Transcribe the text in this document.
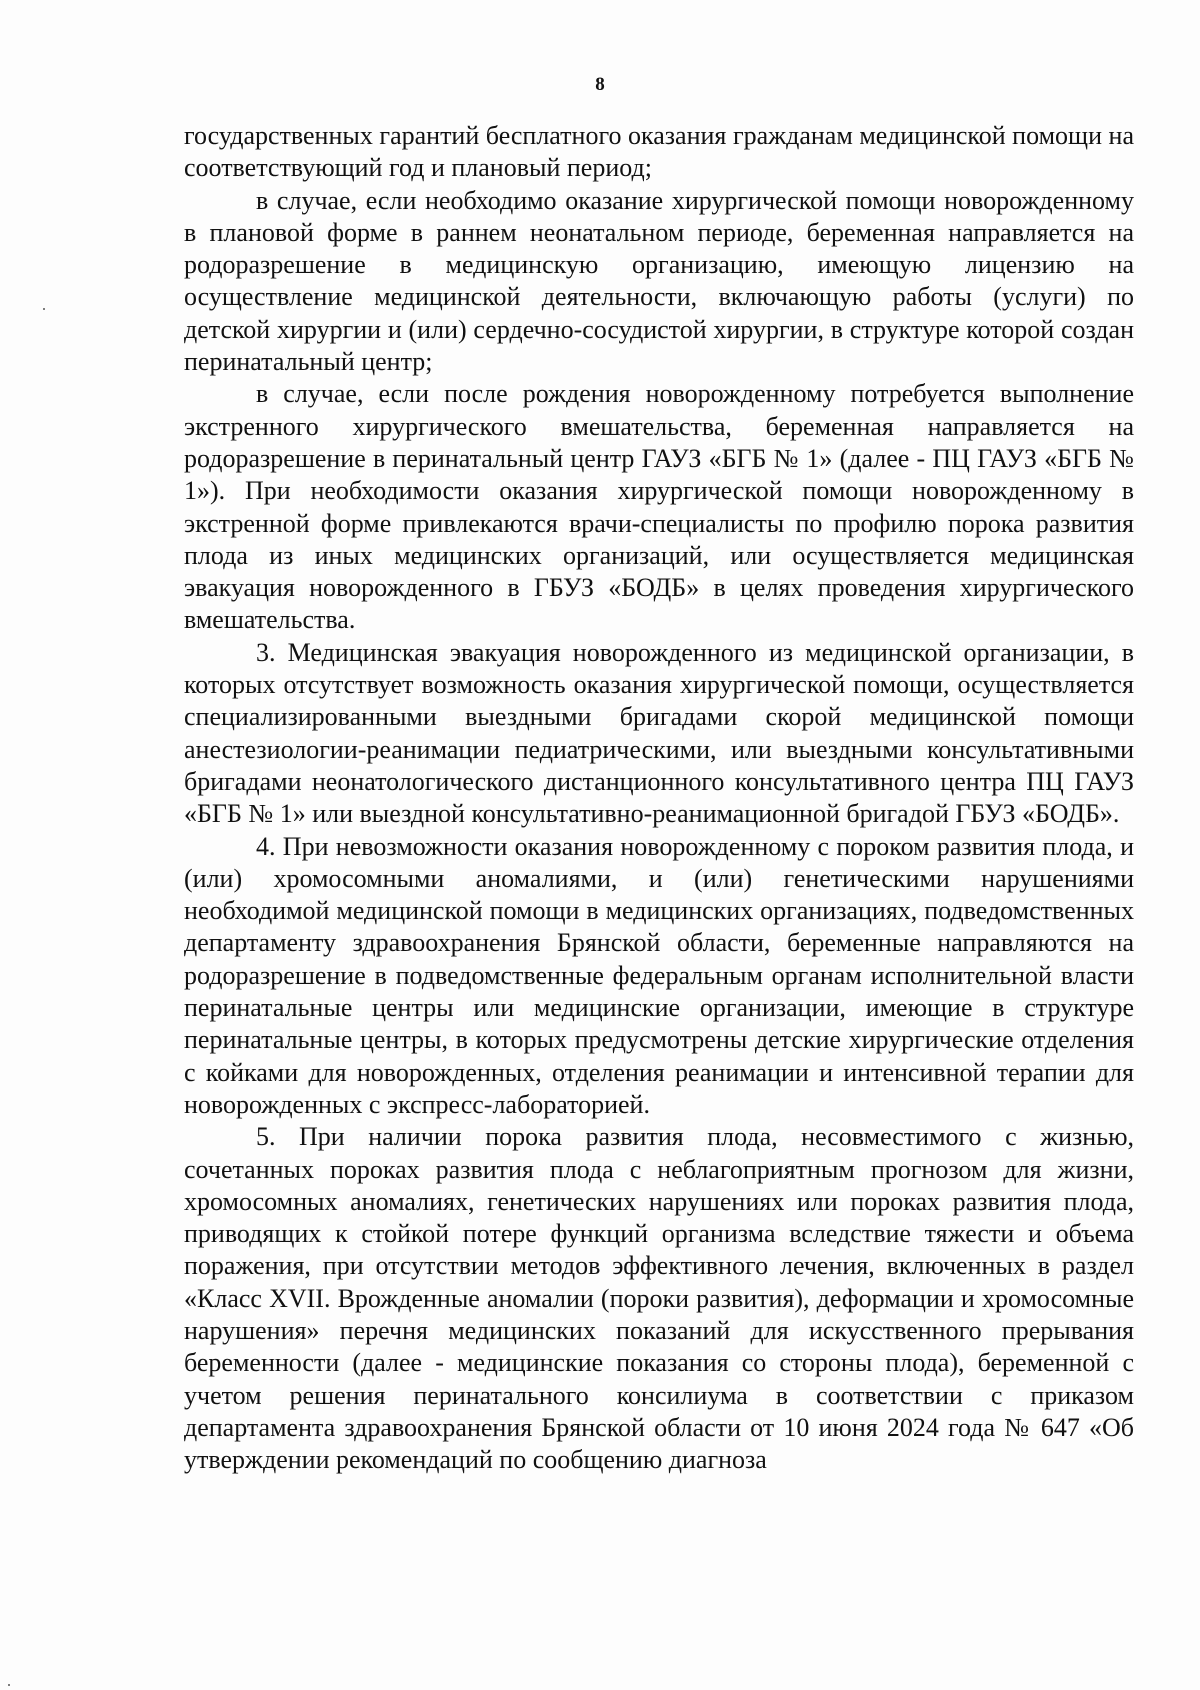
8

государственных гарантий бесплатного оказания гражданам медицинской помощи на соответствующий год и плановый период;

в случае, если необходимо оказание хирургической помощи новорожденному в плановой форме в раннем неонатальном периоде, беременная направляется на родоразрешение в медицинскую организацию, имеющую лицензию на осуществление медицинской деятельности, включающую работы (услуги) по детской хирургии и (или) сердечно-сосудистой хирургии, в структуре которой создан перинатальный центр;

в случае, если после рождения новорожденному потребуется выполнение экстренного хирургического вмешательства, беременная направляется на родоразрешение в перинатальный центр ГАУЗ «БГБ № 1» (далее - ПЦ ГАУЗ «БГБ № 1»). При необходимости оказания хирургической помощи новорожденному в экстренной форме привлекаются врачи-специалисты по профилю порока развития плода из иных медицинских организаций, или осуществляется медицинская эвакуация новорожденного в ГБУЗ «БОДБ» в целях проведения хирургического вмешательства.

3. Медицинская эвакуация новорожденного из медицинской организации, в которых отсутствует возможность оказания хирургической помощи, осуществляется специализированными выездными бригадами скорой медицинской помощи анестезиологии-реанимации педиатрическими, или выездными консультативными бригадами неонатологического дистанционного консультативного центра ПЦ ГАУЗ «БГБ № 1» или выездной консультативно-реанимационной бригадой ГБУЗ «БОДБ».

4. При невозможности оказания новорожденному с пороком развития плода, и (или) хромосомными аномалиями, и (или) генетическими нарушениями необходимой медицинской помощи в медицинских организациях, подведомственных департаменту здравоохранения Брянской области, беременные направляются на родоразрешение в подведомственные федеральным органам исполнительной власти перинатальные центры или медицинские организации, имеющие в структуре перинатальные центры, в которых предусмотрены детские хирургические отделения с койками для новорожденных, отделения реанимации и интенсивной терапии для новорожденных с экспресс-лабораторией.

5. При наличии порока развития плода, несовместимого с жизнью, сочетанных пороках развития плода с неблагоприятным прогнозом для жизни, хромосомных аномалиях, генетических нарушениях или пороках развития плода, приводящих к стойкой потере функций организма вследствие тяжести и объема поражения, при отсутствии методов эффективного лечения, включенных в раздел «Класс XVII. Врожденные аномалии (пороки развития), деформации и хромосомные нарушения» перечня медицинских показаний для искусственного прерывания беременности (далее - медицинские показания со стороны плода), беременной с учетом решения перинатального консилиума в соответствии с приказом департамента здравоохранения Брянской области от 10 июня 2024 года № 647 «Об утверждении рекомендаций по сообщению диагноза
